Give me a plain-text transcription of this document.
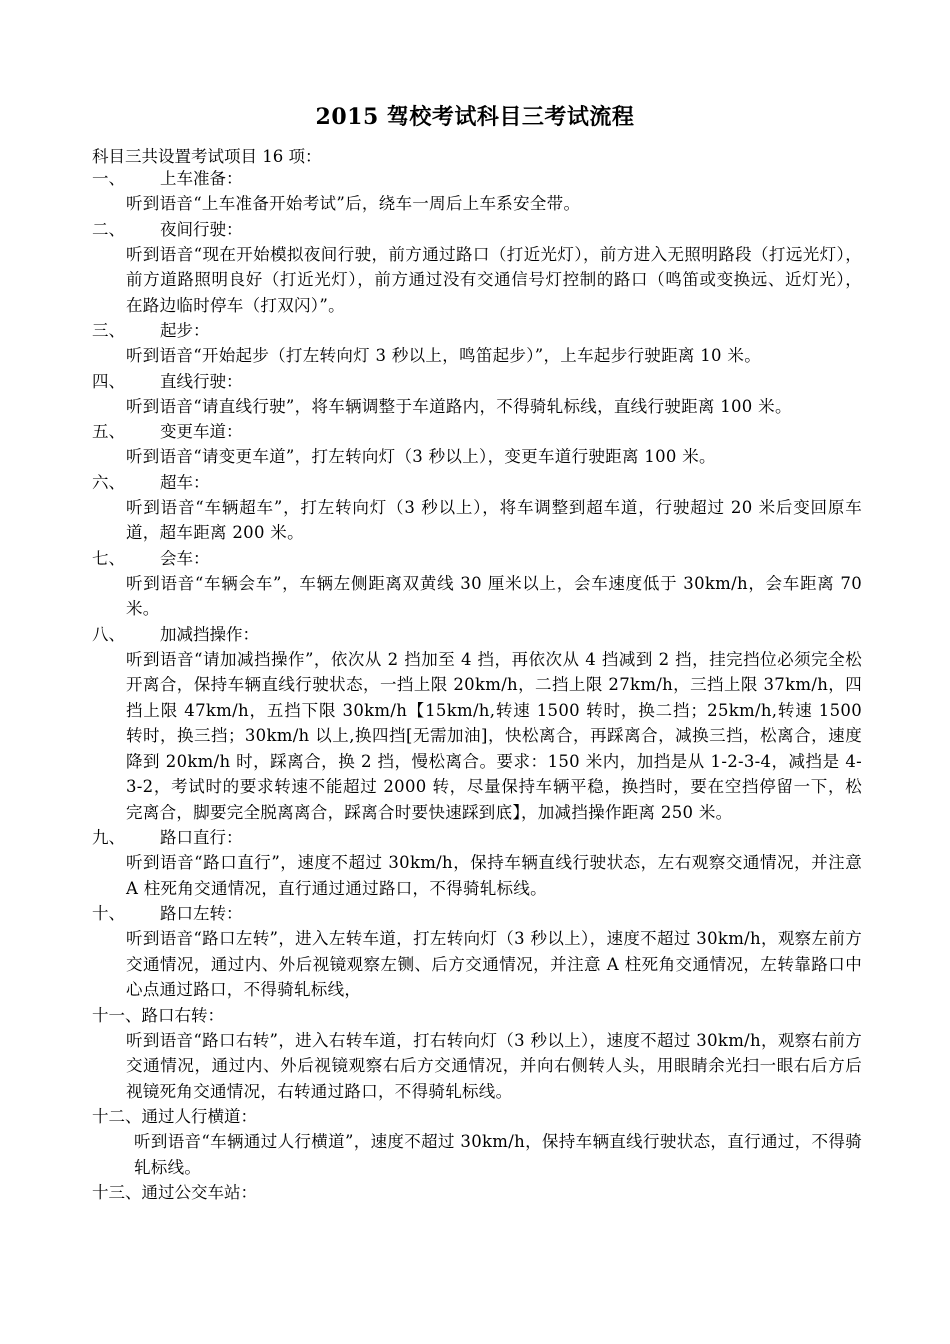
2015 驾校考试科目三考试流程
科目三共设置考试项目 16 项：
一、 上车准备：
听到语音“上车准备开始考试”后，绕车一周后上车系安全带。
二、 夜间行驶：
听到语音“现在开始模拟夜间行驶，前方通过路口（打近光灯），前方进入无照明路段（打远光灯），前方道路照明良好（打近光灯），前方通过没有交通信号灯控制的路口（鸣笛或变换远、近灯光），在路边临时停车（打双闪）”。
三、 起步：
听到语音“开始起步（打左转向灯 3 秒以上，鸣笛起步）”，上车起步行驶距离 10 米。
四、 直线行驶：
听到语音“请直线行驶”，将车辆调整于车道路内，不得骑轧标线，直线行驶距离 100 米。
五、 变更车道：
听到语音“请变更车道”，打左转向灯（3 秒以上），变更车道行驶距离 100 米。
六、 超车：
听到语音“车辆超车”，打左转向灯（3 秒以上），将车调整到超车道，行驶超过 20 米后变回原车道，超车距离 200 米。
七、 会车：
听到语音“车辆会车”，车辆左侧距离双黄线 30 厘米以上，会车速度低于 30km/h，会车距离 70 米。
八、 加减挡操作：
听到语音“请加减挡操作”，依次从 2 挡加至 4 挡，再依次从 4 挡减到 2 挡，挂完挡位必须完全松开离合，保持车辆直线行驶状态，一挡上限 20km/h，二挡上限 27km/h，三挡上限 37km/h，四挡上限 47km/h，五挡下限 30km/h【15km/h,转速 1500 转时，换二挡；25km/h,转速 1500 转时，换三挡；30km/h 以上,换四挡[无需加油]，快松离合，再踩离合，减换三挡，松离合，速度降到 20km/h 时，踩离合，换 2 挡，慢松离合。要求：150 米内，加挡是从 1-2-3-4，减挡是 4-3-2，考试时的要求转速不能超过 2000 转，尽量保持车辆平稳，换挡时，要在空挡停留一下，松完离合，脚要完全脱离离合，踩离合时要快速踩到底】，加减挡操作距离 250 米。
九、 路口直行：
听到语音“路口直行”，速度不超过 30km/h，保持车辆直线行驶状态，左右观察交通情况，并注意 A 柱死角交通情况，直行通过通过路口，不得骑轧标线。
十、 路口左转：
听到语音“路口左转”，进入左转车道，打左转向灯（3 秒以上），速度不超过 30km/h，观察左前方交通情况，通过内、外后视镜观察左铡、后方交通情况，并注意 A 柱死角交通情况，左转靠路口中心点通过路口，不得骑轧标线，
十一、路口右转：
听到语音“路口右转”，进入右转车道，打右转向灯（3 秒以上），速度不超过 30km/h，观察右前方交通情况，通过内、外后视镜观察右后方交通情况，并向右侧转人头，用眼睛余光扫一眼右后方后视镜死角交通情况，右转通过路口，不得骑轧标线。
十二、通过人行横道：
听到语音“车辆通过人行横道”，速度不超过 30km/h，保持车辆直线行驶状态，直行通过，不得骑轧标线。
十三、通过公交车站：
